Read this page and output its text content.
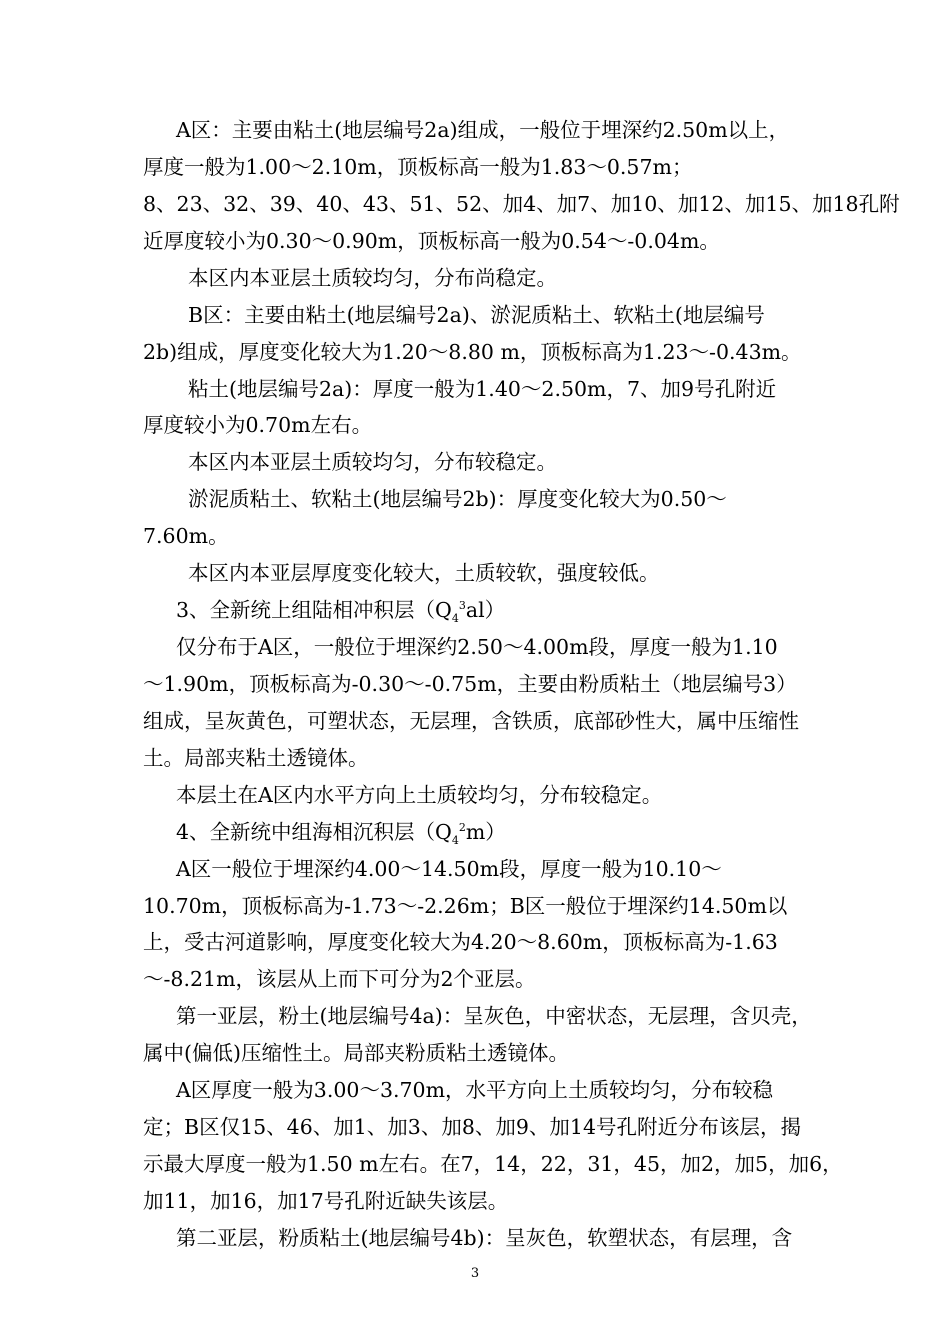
A区：主要由粘土(地层编号2a)组成，一般位于埋深约2.50m以上，
厚度一般为1.00～2.10m，顶板标高一般为1.83～0.57m；
8、23、32、39、40、43、51、52、加4、加7、加10、加12、加15、加18孔附
近厚度较小为0.30～0.90m，顶板标高一般为0.54～-0.04m。
本区内本亚层土质较均匀，分布尚稳定。
B区：主要由粘土(地层编号2a)、淤泥质粘土、软粘土(地层编号
2b)组成，厚度变化较大为1.20～8.80 m，顶板标高为1.23～-0.43m。
粘土(地层编号2a)：厚度一般为1.40～2.50m，7、加9号孔附近
厚度较小为0.70m左右。
本区内本亚层土质较均匀，分布较稳定。
淤泥质粘土、软粘土(地层编号2b)：厚度变化较大为0.50～
7.60m。
本区内本亚层厚度变化较大，土质较软，强度较低。
3、全新统上组陆相冲积层$(Q_4^3al)$
仅分布于A区，一般位于埋深约2.50～4.00m段，厚度一般为1.10
～1.90m，顶板标高为-0.30～-0.75m，主要由粉质粘土（地层编号3）
组成，呈灰黄色，可塑状态，无层理，含铁质，底部砂性大，属中压缩性
土。局部夹粘土透镜体。
本层土在A区内水平方向上土质较均匀，分布较稳定。
4、全新统中组海相沉积层$(Q_4^2m)$
A区一般位于埋深约4.00～14.50m段，厚度一般为10.10～
10.70m，顶板标高为-1.73～-2.26m；B区一般位于埋深约14.50m以
上，受古河道影响，厚度变化较大为4.20～8.60m，顶板标高为-1.63
～-8.21m，该层从上而下可分为2个亚层。
第一亚层，粉土(地层编号4a)：呈灰色，中密状态，无层理，含贝壳，
属中(偏低)压缩性土。局部夹粉质粘土透镜体。
A区厚度一般为3.00～3.70m，水平方向上土质较均匀，分布较稳
定；B区仅15、46、加1、加3、加8、加9、加14号孔附近分布该层，揭
示最大厚度一般为1.50 m左右。在7，14，22，31，45，加2，加5，加6，
加11，加16，加17号孔附近缺失该层。
第二亚层，粉质粘土(地层编号4b)：呈灰色，软塑状态，有层理，含
3
